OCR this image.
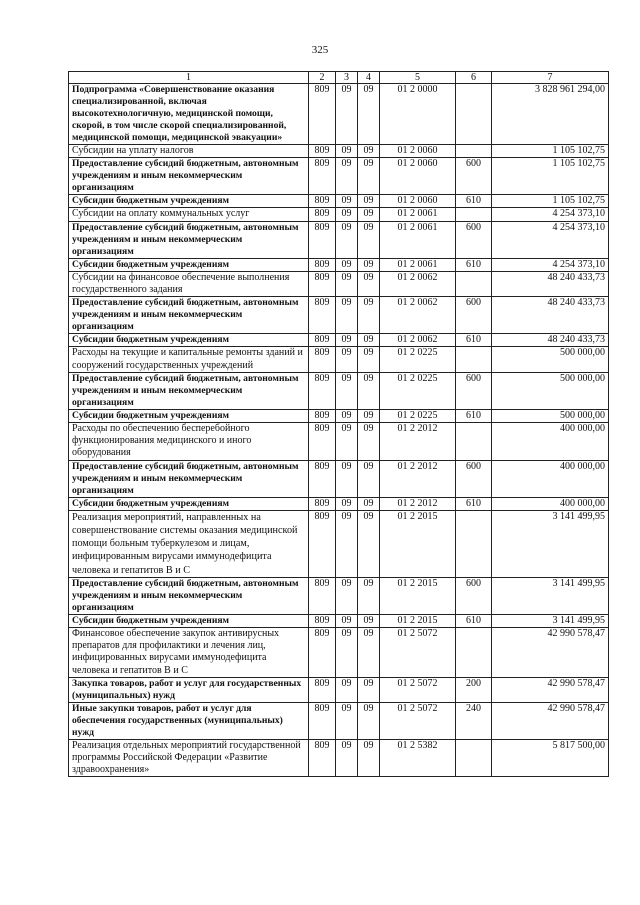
325
1	2	3	4	5	6	7
Подпрограмма «Совершенствование оказания специализированной, включая высокотехнологичную, медицинской помощи, скорой, в том числе скорой специализированной, медицинской помощи, медицинской эвакуации»	809	09	09	01 2 0000		3 828 961 294,00
Субсидии на уплату налогов	809	09	09	01 2 0060		1 105 102,75
Предоставление субсидий бюджетным, автономным учреждениям и иным некоммерческим организациям	809	09	09	01 2 0060	600	1 105 102,75
Субсидии бюджетным учреждениям	809	09	09	01 2 0060	610	1 105 102,75
Субсидии на оплату коммунальных услуг	809	09	09	01 2 0061		4 254 373,10
Предоставление субсидий бюджетным, автономным учреждениям и иным некоммерческим организациям	809	09	09	01 2 0061	600	4 254 373,10
Субсидии бюджетным учреждениям	809	09	09	01 2 0061	610	4 254 373,10
Субсидии на финансовое обеспечение выполнения государственного задания	809	09	09	01 2 0062		48 240 433,73
Предоставление субсидий бюджетным, автономным учреждениям и иным некоммерческим организациям	809	09	09	01 2 0062	600	48 240 433,73
Субсидии бюджетным учреждениям	809	09	09	01 2 0062	610	48 240 433,73
Расходы на текущие и капитальные ремонты зданий и сооружений государственных учреждений	809	09	09	01 2 0225		500 000,00
Предоставление субсидий бюджетным, автономным учреждениям и иным некоммерческим организациям	809	09	09	01 2 0225	600	500 000,00
Субсидии бюджетным учреждениям	809	09	09	01 2 0225	610	500 000,00
Расходы по обеспечению бесперебойного функционирования медицинского и иного оборудования	809	09	09	01 2 2012		400 000,00
Предоставление субсидий бюджетным, автономным учреждениям и иным некоммерческим организациям	809	09	09	01 2 2012	600	400 000,00
Субсидии бюджетным учреждениям	809	09	09	01 2 2012	610	400 000,00
Реализация мероприятий, направленных на совершенствование системы оказания медицинской помощи больным туберкулезом и лицам, инфицированным вирусами иммунодефицита человека и гепатитов В и С	809	09	09	01 2 2015		3 141 499,95
Предоставление субсидий бюджетным, автономным учреждениям и иным некоммерческим организациям	809	09	09	01 2 2015	600	3 141 499,95
Субсидии бюджетным учреждениям	809	09	09	01 2 2015	610	3 141 499,95
Финансовое обеспечение закупок антивирусных препаратов для профилактики и лечения лиц, инфицированных вирусами иммунодефицита человека и гепатитов В и С	809	09	09	01 2 5072		42 990 578,47
Закупка товаров, работ и услуг для государственных (муниципальных) нужд	809	09	09	01 2 5072	200	42 990 578,47
Иные закупки товаров, работ и услуг для обеспечения государственных (муниципальных) нужд	809	09	09	01 2 5072	240	42 990 578,47
Реализация отдельных мероприятий государственной программы Российской Федерации «Развитие здравоохранения»	809	09	09	01 2 5382		5 817 500,00
